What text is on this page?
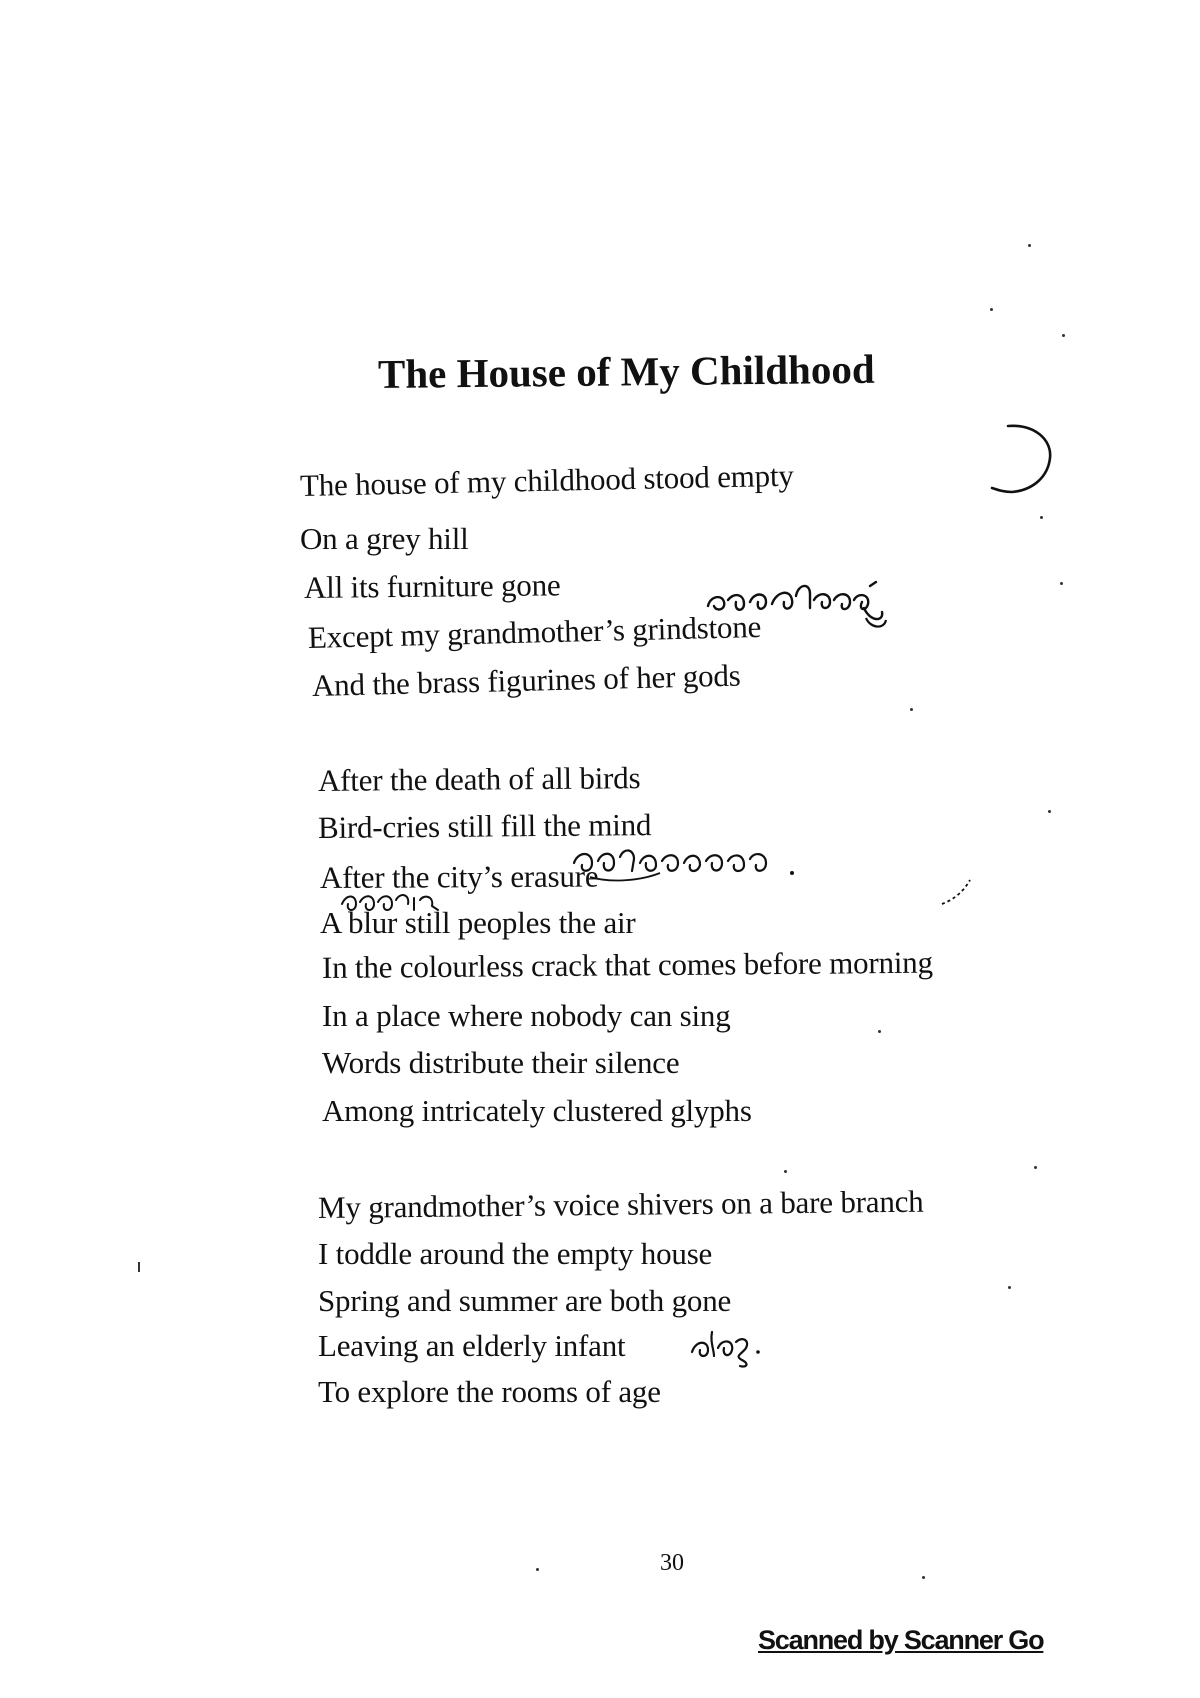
The House of My Childhood
The house of my childhood stood empty
On a grey hill
All its furniture gone
Except my grandmother’s grindstone
And the brass figurines of her gods
After the death of all birds
Bird-cries still fill the mind
After the city’s erasure
A blur still peoples the air
In the colourless crack that comes before morning
In a place where nobody can sing
Words distribute their silence
Among intricately clustered glyphs
My grandmother’s voice shivers on a bare branch
I toddle around the empty house
Spring and summer are both gone
Leaving an elderly infant
To explore the rooms of age
30
Scanned by Scanner Go
